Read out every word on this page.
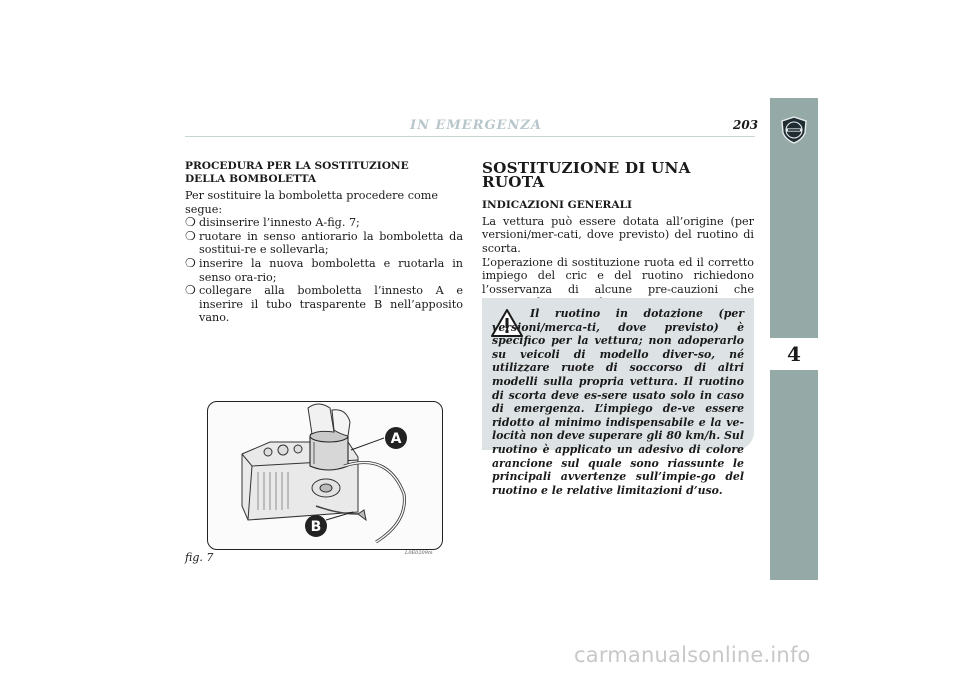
IN EMERGENZA	203
4

PROCEDURA PER LA SOSTITUZIONE

DELLA BOMBOLETTA

Per sostituire la bomboletta procedere come segue:

❍ disinserire l’innesto A-fig. 7;
❍ ruotare in senso antiorario la bomboletta da sostitui-re e sollevarla;
❍ inserire la nuova bomboletta e ruotarla in senso ora-rio;
❍ collegare alla bomboletta l’innesto A e inserire il tubo trasparente B nell’apposito vano.
A
B
fig. 7	L0E0209m
SOSTITUZIONE DI UNA RUOTA

INDICAZIONI GENERALI

La vettura può essere dotata all’origine (per versioni/mer-cati, dove previsto) del ruotino di scorta.

L’operazione di sostituzione ruota ed il corretto impiego del cric e del ruotino richiedono l’osservanza di alcune pre-cauzioni che

Il ruotino in dotazione (per versioni/merca-ti, dove previsto) è specifico per la vettura; non adoperarlo su veicoli di modello diver-so, né utilizzare ruote di soccorso di altri modelli sulla propria vettura. Il ruotino di scorta deve es-sere usato solo in caso di emergenza. L’impiego de-ve essere ridotto al minimo indispensabile e la ve-locità non deve superare gli 80 km/h. Sul ruotino è applicato un adesivo di colore arancione sul quale sono riassunte le principali avvertenze sull’impie-go del ruotino e le relative limitazioni d’uso.
carmanualsonline.info
